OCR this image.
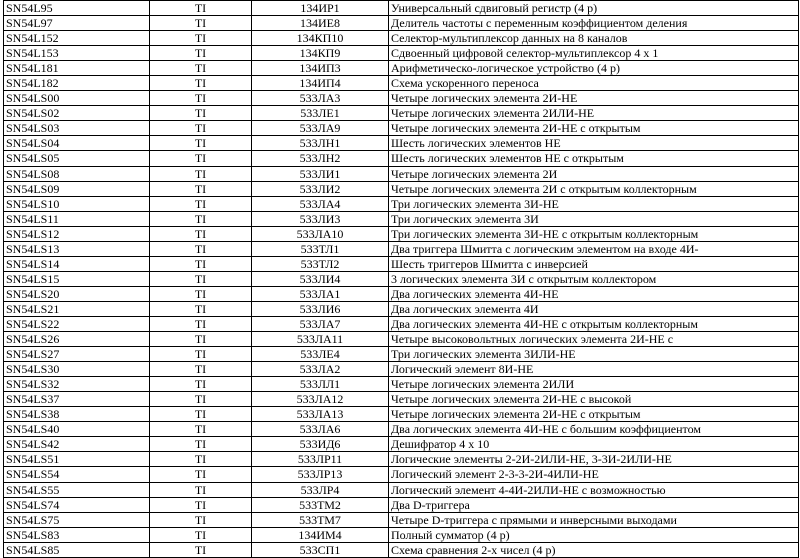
SN54L95	TI	134ИР1	Универсальный сдвиговый регистр (4 р)
SN54L97	TI	134ИЕ8	Делитель частоты с переменным коэффициентом деления
SN54L152	TI	134КП10	Селектор-мультиплексор данных на 8 каналов
SN54L153	TI	134КП9	Сдвоенный цифровой селектор-мультиплексор 4 x 1
SN54L181	TI	134ИП3	Арифметическо-логическое устройство (4 р)
SN54L182	TI	134ИП4	Схема ускоренного переноса
SN54LS00	TI	533ЛА3	Четыре логических элемента 2И-НЕ
SN54LS02	TI	533ЛЕ1	Четыре логических элемента 2ИЛИ-НЕ
SN54LS03	TI	533ЛА9	Четыре логических элемента 2И-НЕ с открытым
SN54LS04	TI	533ЛН1	Шесть логических элементов НЕ
SN54LS05	TI	533ЛН2	Шесть логических элементов НЕ с открытым
SN54LS08	TI	533ЛИ1	Четыре логических элемента 2И
SN54LS09	TI	533ЛИ2	Четыре логических элемента 2И с открытым коллекторным
SN54LS10	TI	533ЛА4	Три логических элемента 3И-НЕ
SN54LS11	TI	533ЛИ3	Три логических элемента 3И
SN54LS12	TI	533ЛА10	Три логических элемента 3И-НЕ с открытым коллекторным
SN54LS13	TI	533ТЛ1	Два триггера Шмитта с логическим элементом на входе 4И-
SN54LS14	TI	533ТЛ2	Шесть триггеров Шмитта с инверсией
SN54LS15	TI	533ЛИ4	3 логических элемента 3И с открытым коллектором
SN54LS20	TI	533ЛА1	Два логических элемента 4И-НЕ
SN54LS21	TI	533ЛИ6	Два логических элемента 4И
SN54LS22	TI	533ЛА7	Два логических элемента 4И-НЕ с открытым коллекторным
SN54LS26	TI	533ЛА11	Четыре высоковольтных логических элемента 2И-НЕ с
SN54LS27	TI	533ЛЕ4	Три логических элемента 3ИЛИ-НЕ
SN54LS30	TI	533ЛА2	Логический элемент 8И-НЕ
SN54LS32	TI	533ЛЛ1	Четыре логических элемента 2ИЛИ
SN54LS37	TI	533ЛА12	Четыре логических элемента 2И-НЕ с высокой
SN54LS38	TI	533ЛА13	Четыре логических элемента 2И-НЕ с открытым
SN54LS40	TI	533ЛА6	Два логических элемента 4И-НЕ с большим коэффициентом
SN54LS42	TI	533ИД6	Дешифратор 4 x 10
SN54LS51	TI	533ЛР11	Логические элементы 2-2И-2ИЛИ-НЕ, 3-3И-2ИЛИ-НЕ
SN54LS54	TI	533ЛР13	Логический элемент 2-3-3-2И-4ИЛИ-НЕ
SN54LS55	TI	533ЛР4	Логический элемент 4-4И-2ИЛИ-НЕ с возможностью
SN54LS74	TI	533ТМ2	Два D-триггера
SN54LS75	TI	533ТМ7	Четыре D-триггера с прямыми и инверсными выходами
SN54LS83	TI	134ИМ4	Полный сумматор (4 р)
SN54LS85	TI	533СП1	Схема сравнения 2-х чисел (4 р)
